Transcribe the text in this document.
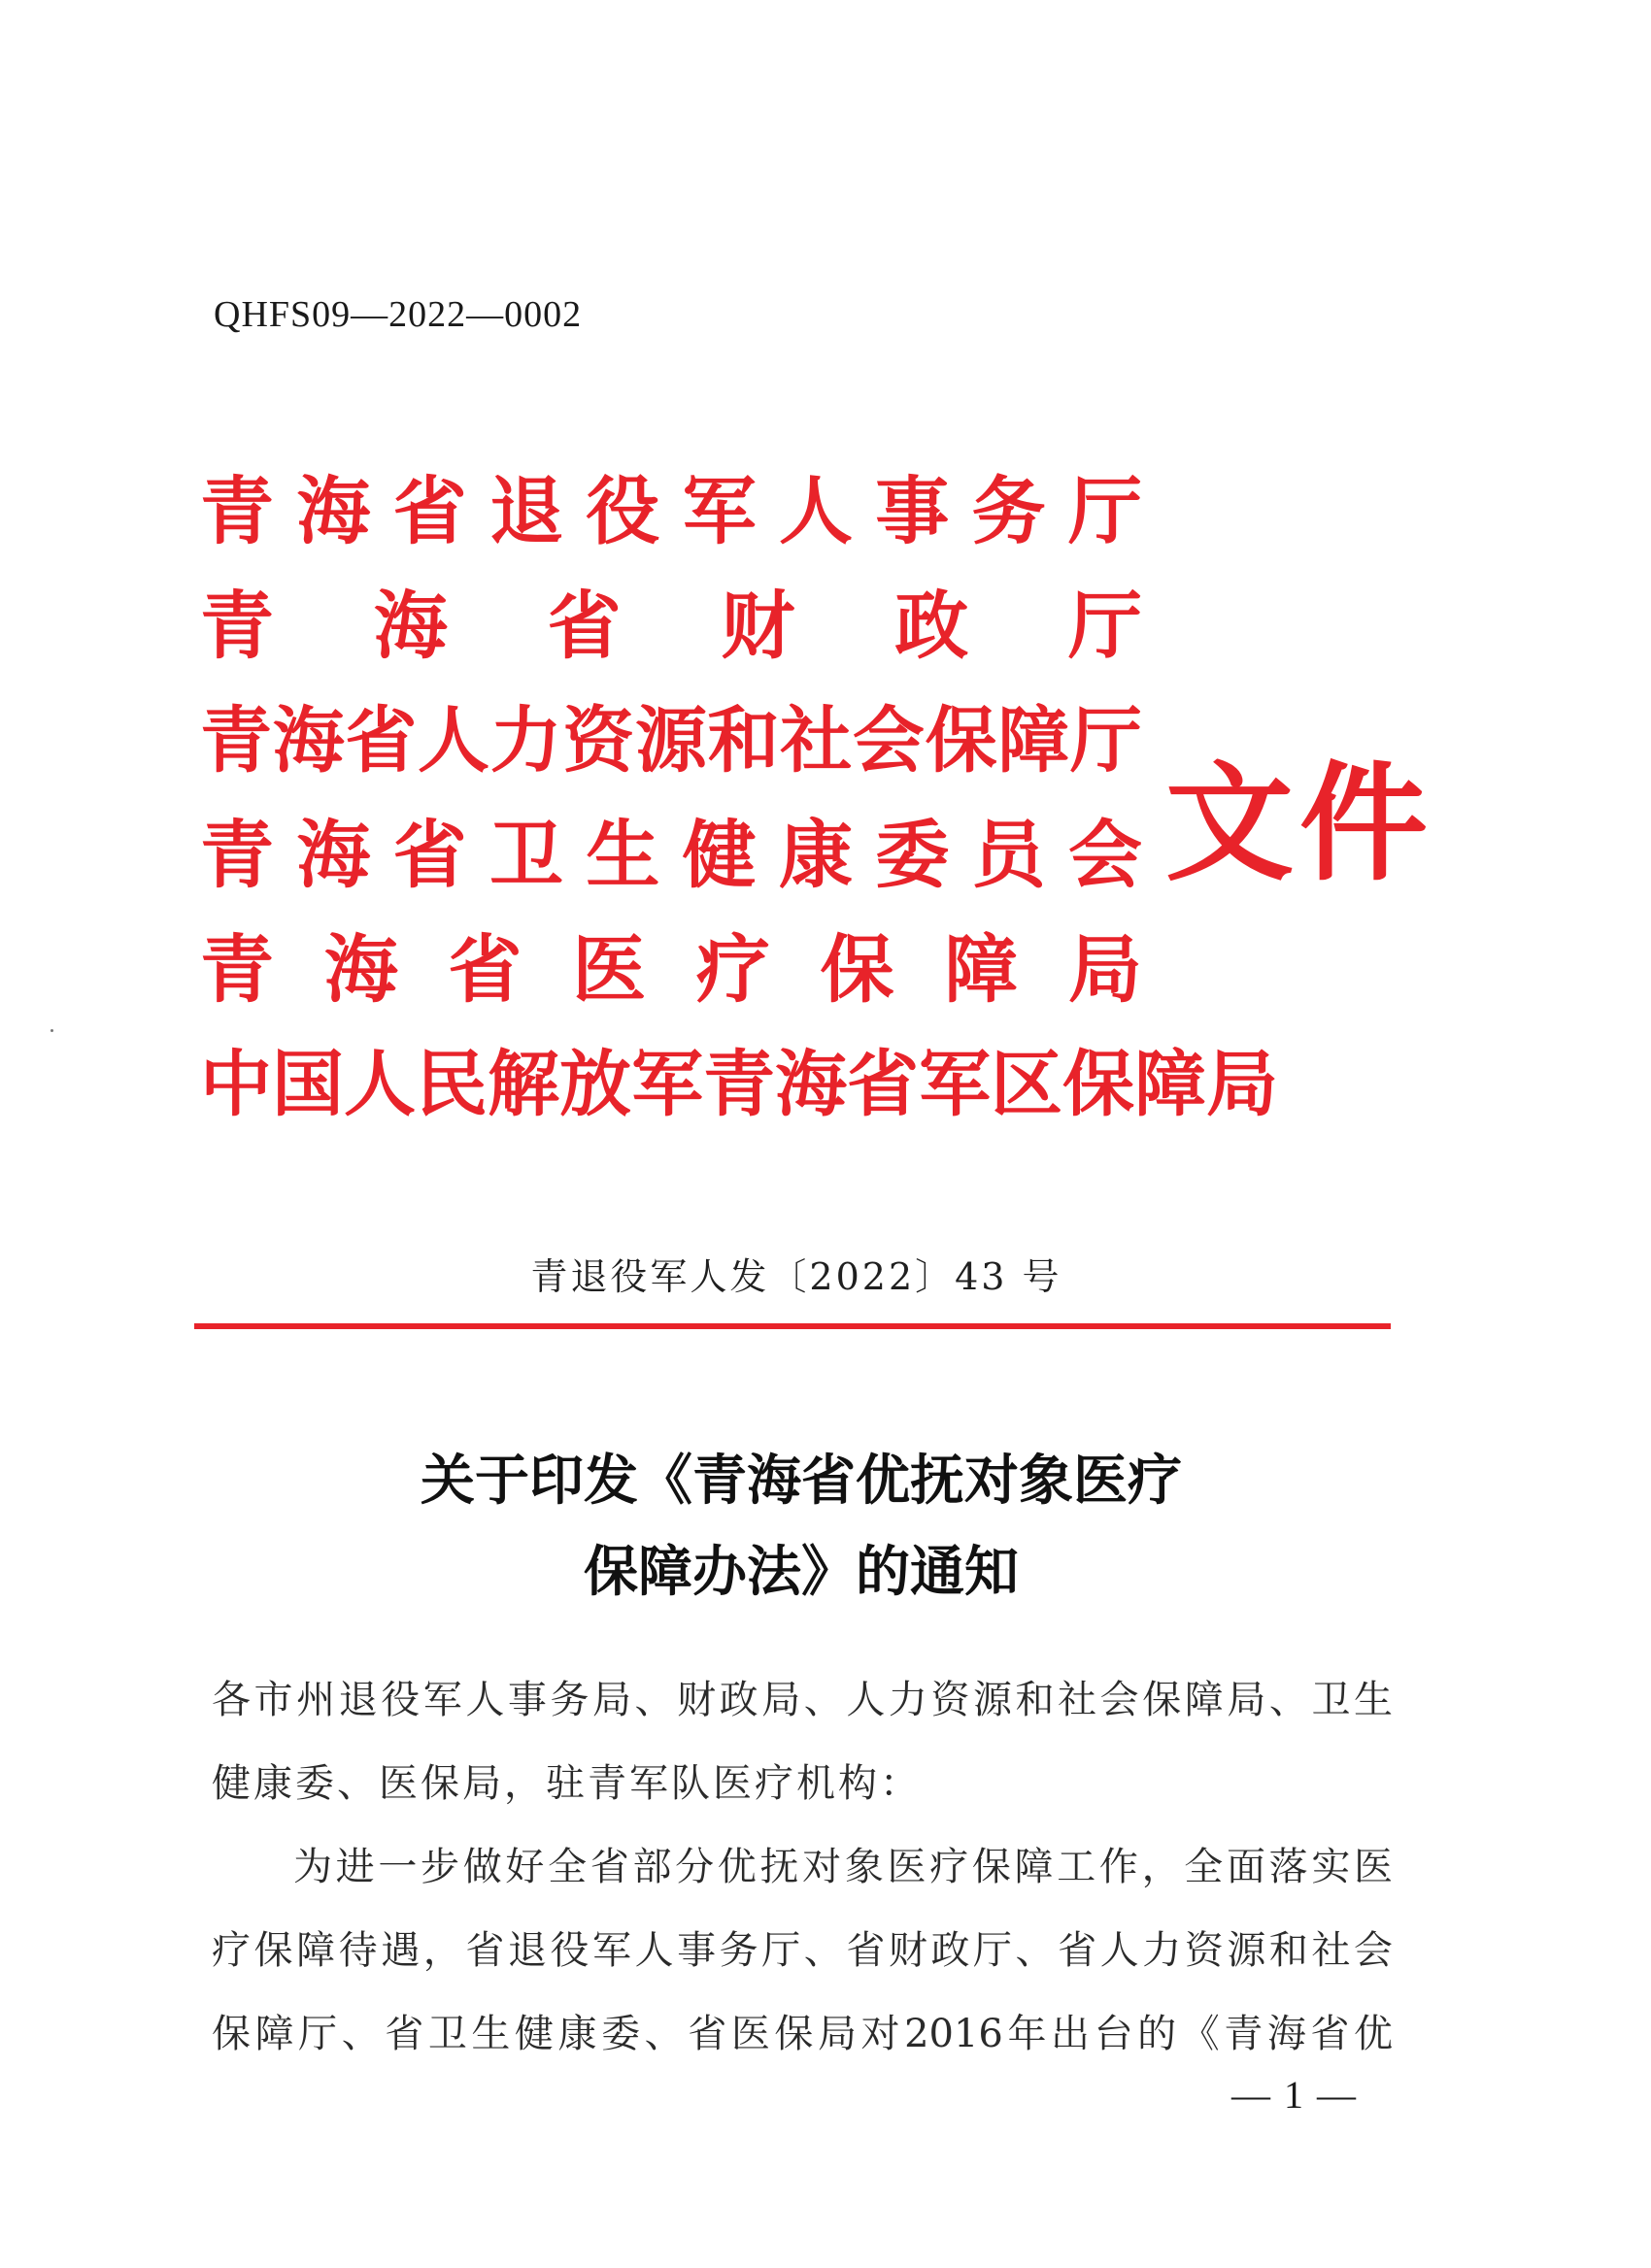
QHFS09—2022—0002
青 海 省 退 役 军 人 事 务 厅
青 海 省 财 政 厅
青 海 省 人 力 资 源 和 社 会 保 障 厅
青 海 省 卫 生 健 康 委 员 会
青 海 省 医 疗 保 障 局
中 国 人 民 解 放 军 青 海 省 军 区 保 障 局
文件
青退役军人发〔2022〕43 号
关于印发《青海省优抚对象医疗
保障办法》的通知
各市州退役军人事务局、财政局、人力资源和社会保障局、卫生
健康委、医保局，驻青军队医疗机构：
为进一步做好全省部分优抚对象医疗保障工作，全面落实医
疗保障待遇，省退役军人事务厅、省财政厅、省人力资源和社会
保障厅、省卫生健康委、省医保局对2016年出台的《青海省优
— 1 —
